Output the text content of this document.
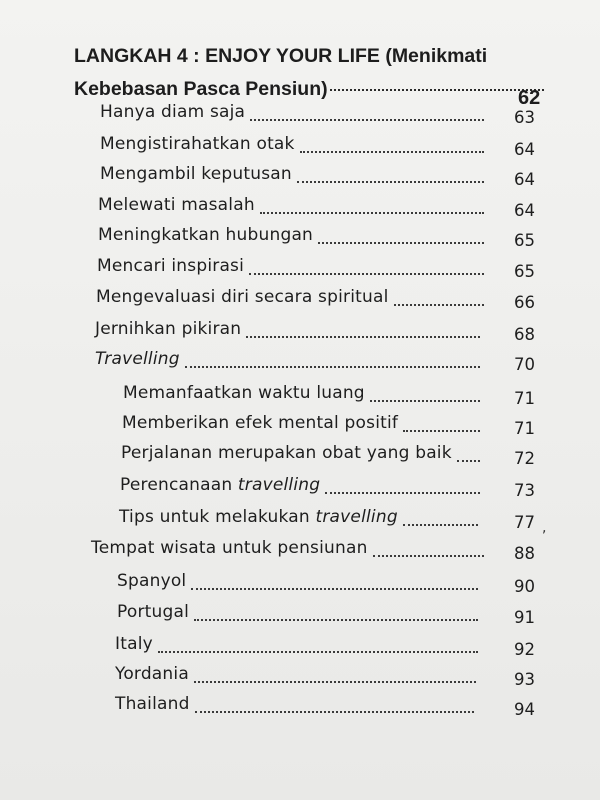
LANGKAH 4 : ENJOY YOUR LIFE (Menikmati
Kebebasan Pasca Pensiun)	62
Hanya diam saja	63
Mengistirahatkan otak	64
Mengambil keputusan	64
Melewati masalah	64
Meningkatkan hubungan	65
Mencari inspirasi	65
Mengevaluasi diri secara spiritual	66
Jernihkan pikiran	68
Travelling	70
Memanfaatkan waktu luang	71
Memberikan efek mental positif	71
Perjalanan merupakan obat yang baik	72
Perencanaan travelling	73
Tips untuk melakukan travelling	77
Tempat wisata untuk pensiunan	88
Spanyol	90
Portugal	91
Italy	92
Yordania	93
Thailand	94
,
